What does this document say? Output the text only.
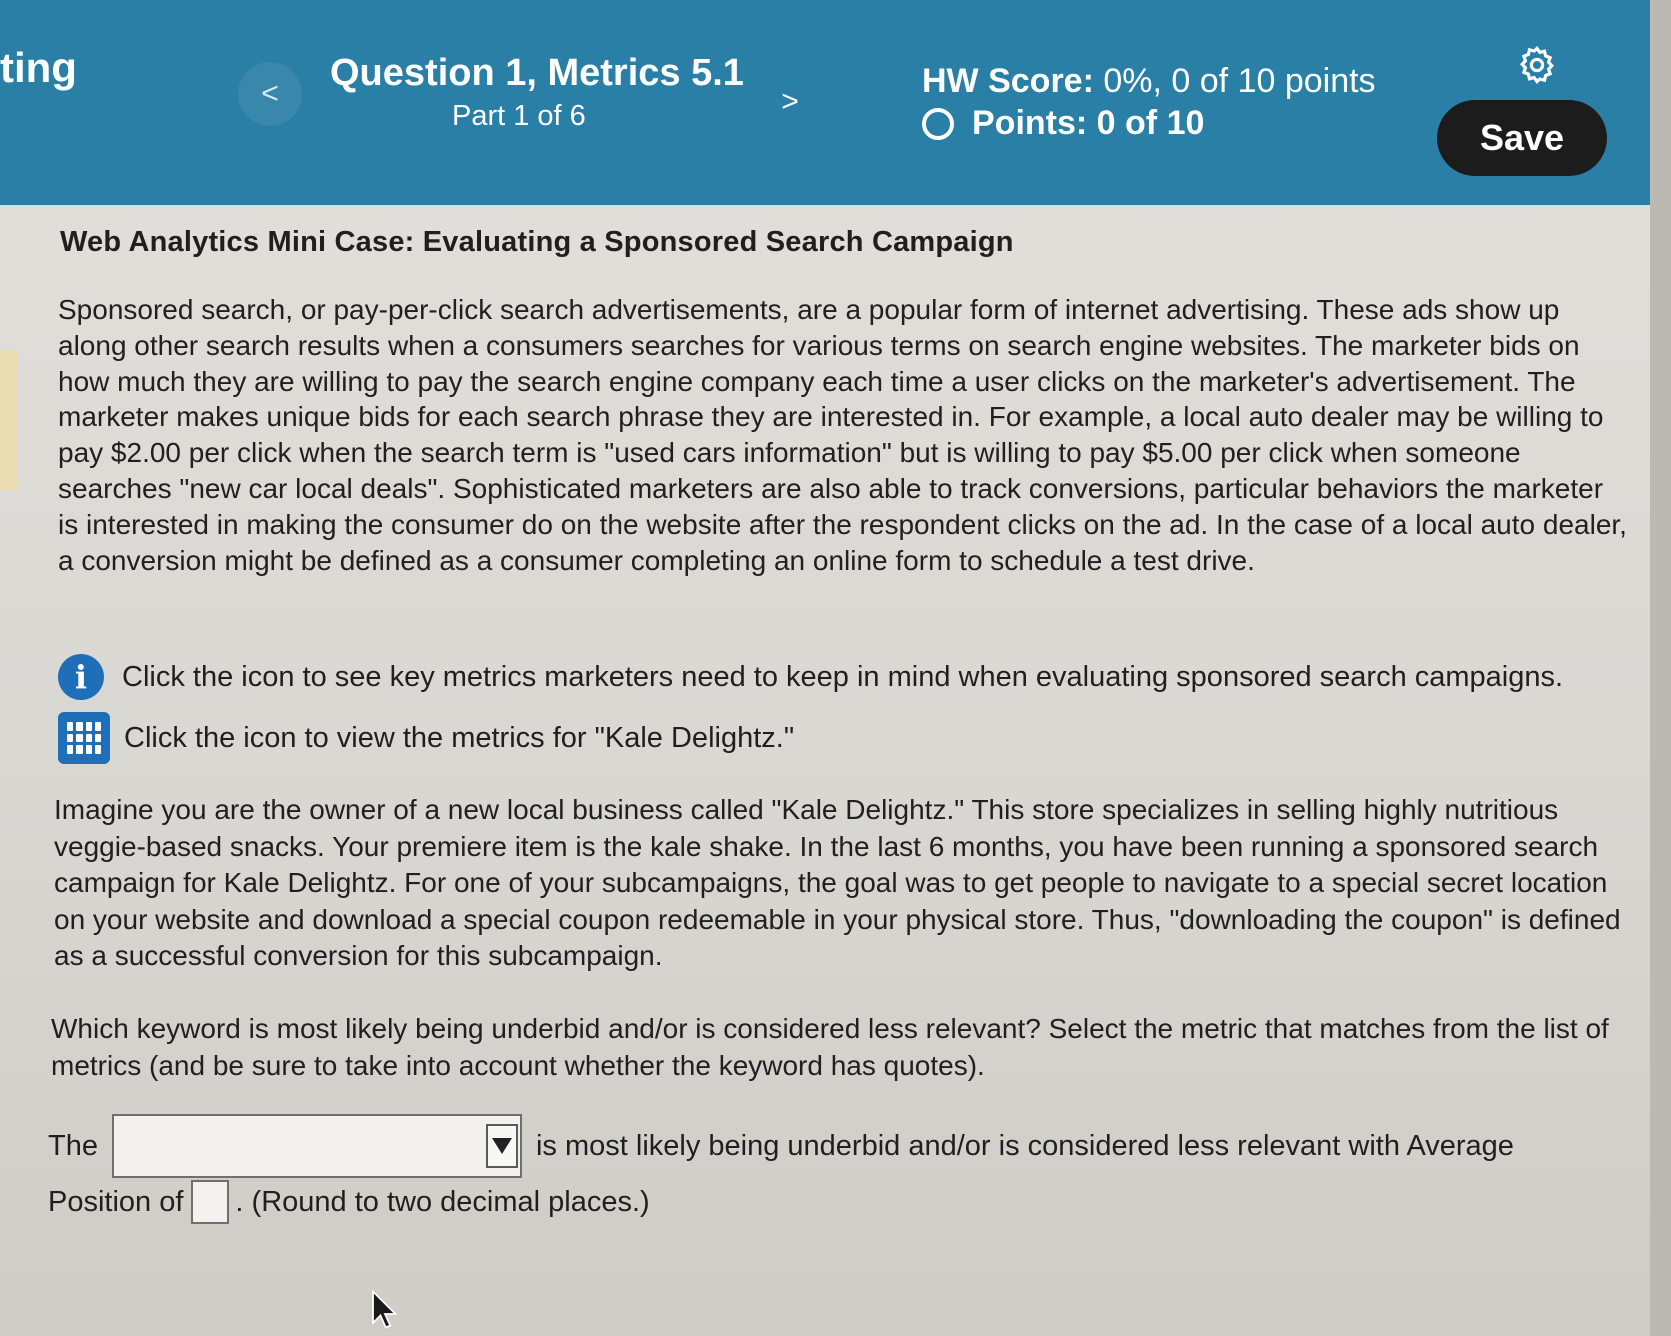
ting
<	Question 1, Metrics 5.1
Part 1 of 6	>
HW Score: 0%, 0 of 10 points
Points:
0 of 10	Save
Web Analytics Mini Case: Evaluating a Sponsored Search Campaign
Sponsored search, or pay-per-click search advertisements, are a popular form of internet advertising. These ads show up along other search results when a consumers searches for various terms on search engine websites. The marketer bids on how much they are willing to pay the search engine company each time a user clicks on the marketer's advertisement. The marketer makes unique bids for each search phrase they are interested in. For example, a local auto dealer may be willing to pay $2.00 per click when the search term is "used cars information" but is willing to pay $5.00 per click when someone searches "new car local deals". Sophisticated marketers are also able to track conversions, particular behaviors the marketer is interested in making the consumer do on the website after the respondent clicks on the ad. In the case of a local auto dealer, a conversion might be defined as a consumer completing an online form to schedule a test drive.
i	Click the icon to see key metrics marketers need to keep in mind when evaluating sponsored search campaigns.
Click the icon to view the metrics for "Kale Delightz."
Imagine you are the owner of a new local business called "Kale Delightz." This store specializes in selling highly nutritious veggie-based snacks. Your premiere item is the kale shake. In the last 6 months, you have been running a sponsored search campaign for Kale Delightz. For one of your subcampaigns, the goal was to get people to navigate to a special secret location on your website and download a special coupon redeemable in your physical store. Thus, "downloading the coupon" is defined as a successful conversion for this subcampaign.
Which keyword is most likely being underbid and/or is considered less relevant? Select the metric that matches from the list of metrics (and be sure to take into account whether the keyword has quotes).
The	is most likely being underbid and/or is considered less relevant with Average
Position of . (Round to two decimal places.)
